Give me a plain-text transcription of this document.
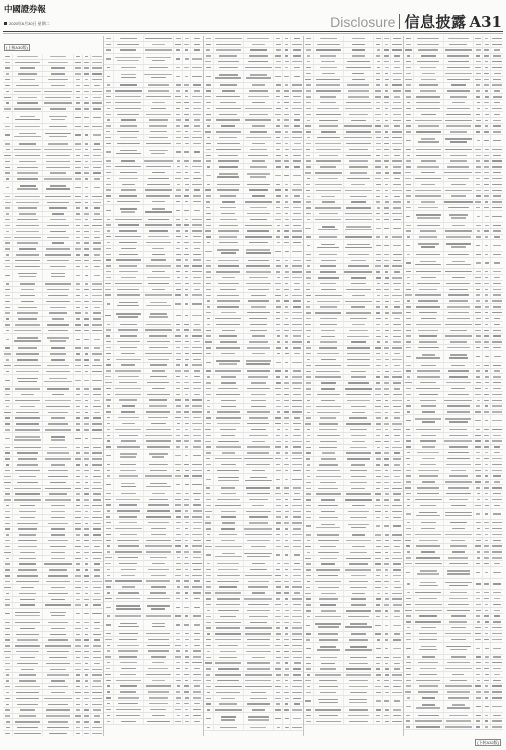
中國證券報
2020年6月30日 星期二	Disclosure 信息披露 A31
(上接A30版)
(下转A32版)
